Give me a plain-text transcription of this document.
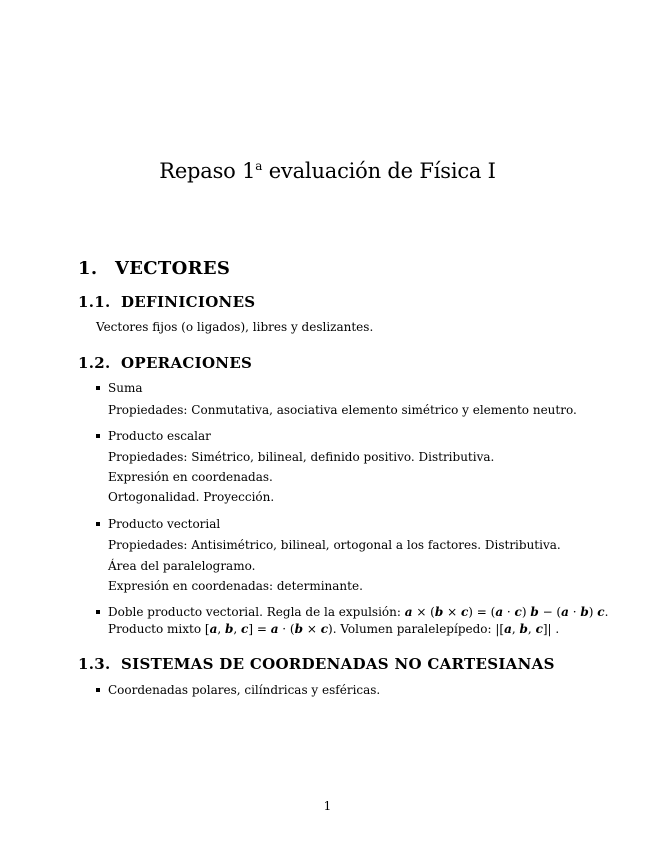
Repaso 1$^a$ evaluación de Física I
1. VECTORES
1.1. DEFINICIONES
Vectores fijos (o ligados), libres y deslizantes.
1.2. OPERACIONES
Suma
Propiedades: Conmutativa, asociativa elemento simétrico y elemento neutro.
Producto escalar
Propiedades: Simétrico, bilineal, definido positivo. Distributiva.
Expresión en coordenadas.
Ortogonalidad. Proyección.
Producto vectorial
Propiedades: Antisimétrico, bilineal, ortogonal a los factores. Distributiva.
Área del paralelogramo.
Expresión en coordenadas: determinante.
Doble producto vectorial. Regla de la expulsión: a × (b × c) = (a · c) b − (a · b) c.
Producto mixto [a, b, c] = a · (b × c). Volumen paralelepípedo: |[a, b, c]| .
1.3. SISTEMAS DE COORDENADAS NO CARTESIANAS
Coordenadas polares, cilíndricas y esféricas.
1
